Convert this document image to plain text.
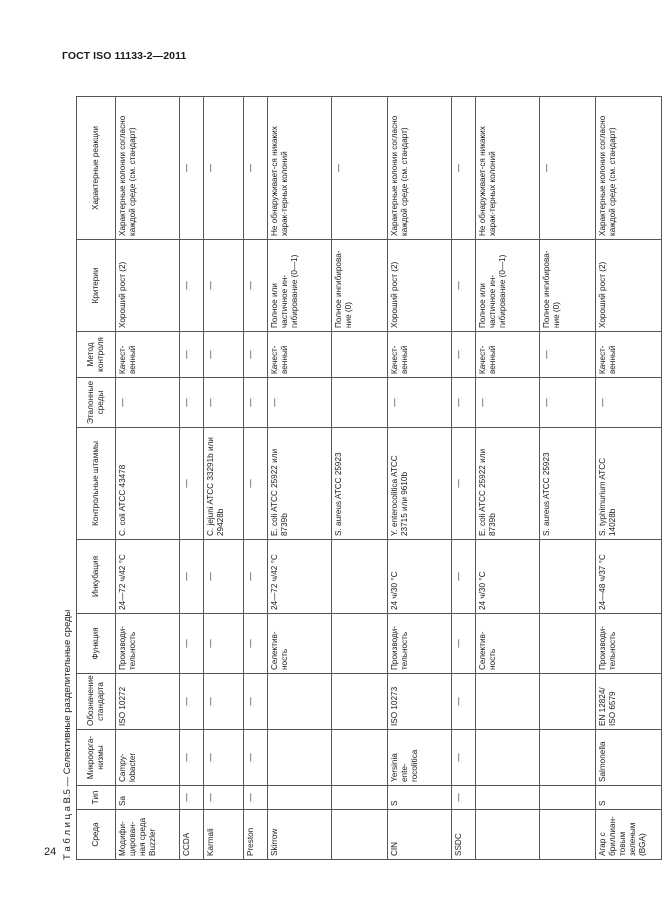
ГОСТ ISO 11133-2—2011
Т а б л и ц а В.5 — Селективные разделительные среды Среда	Тип	Микроорга-низмы	Обозначение стандарта	Функция	Инкубация	Контрольные штаммы	Эталонные среды	Метод контроля	Критерии	Характерные реакции
Модифи-цирован-ная среда Buzzler	Sa	Campy-lobacter	ISO 10272	Производи-тельность	24—72 ч/42 °С	C. coli ATCC 43478	—	Качест-венный	Хороший рост (2)	Характерные колонии согласно каждой среде (см. стандарт)
CCDA	—	—	—	—	—	—	—	—	—	—
Karmali	—	—	—	—	—	C. jejuni ATCC 33291b или 29428b	—	—	—	—
Preston	—	—	—	—	—	—	—	—	—	—
Skirrow				Селектив-ность	24—72 ч/42 °С	E. coli ATCC 25922 или 8739b	—	Качест-венный	Полное или частичное ин-гибирование (0—1)	Не обнаруживает-ся никаких харак-терных колоний
						S. aureus ATCC 25923			Полное ингибирова-ние (0)	—
CIN	S	Yersinia ente-rocolitica	ISO 10273	Производи-тельность	24 ч/30 °С	Y. enterocolitica ATCC 23715 или 9610b	—	Качест-венный	Хороший рост (2)	Характерные колонии согласно каждой среде (см. стандарт)
SSDC	—	—	—	—	—	—	—	—	—	—
				Селектив-ность	24 ч/30 °С	E. coli ATCC 25922 или 8739b	—	Качест-венный	Полное или частичное ин-гибирование (0—1)	Не обнаруживает-ся никаких харак-терных колоний
						S. aureus ATCC 25923	—	—	Полное ингибирова-ние (0)	—
Агар с бриллиан-товым зеленым (BGA)	S	Salmonella	EN 12824/ ISO 6579	Производи-тельность	24—48 ч/37 °С	S. typhimurium ATCC 14028b	—	Качест-венный	Хороший рост (2)	Характерные колонии согласно каждой среде (см. стандарт)
24
